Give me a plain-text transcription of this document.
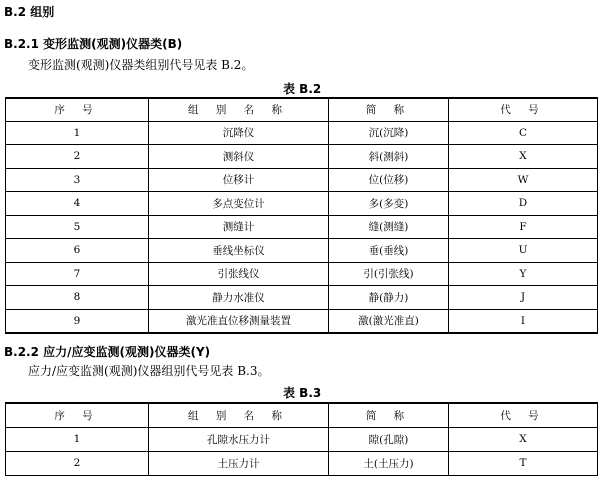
B.2 组别
B.2.1 变形监测(观测)仪器类(B)
变形监测(观测)仪器类组别代号见表 B.2。
表 B.2
序 号	组 别 名 称	简 称	代 号
1	沉降仪	沉(沉降)	C
2	测斜仪	斜(测斜)	X
3	位移计	位(位移)	W
4	多点变位计	多(多变)	D
5	测缝计	缝(测缝)	F
6	垂线坐标仪	垂(垂线)	U
7	引张线仪	引(引张线)	Y
8	静力水准仪	静(静力)	J
9	激光准直位移测量装置	激(激光准直)	I
B.2.2 应力/应变监测(观测)仪器类(Y)
应力/应变监测(观测)仪器组别代号见表 B.3。
表 B.3
序 号	组 别 名 称	简 称	代 号
1	孔隙水压力计	隙(孔隙)	X
2	土压力计	土(土压力)	T
